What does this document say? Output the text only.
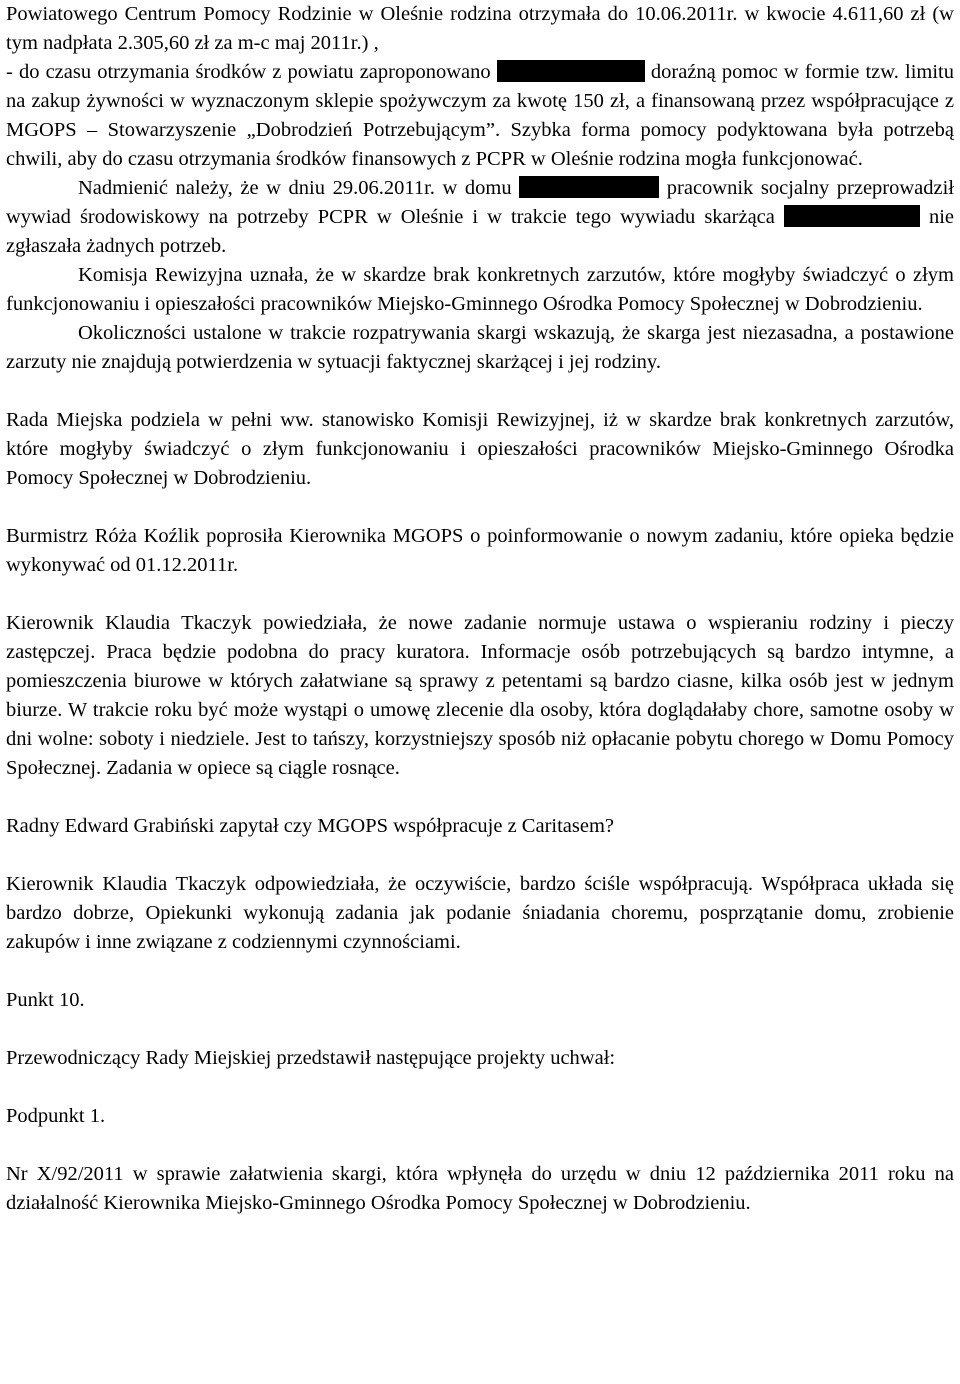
Powiatowego Centrum Pomocy Rodzinie w Oleśnie rodzina otrzymała do 10.06.2011r. w kwocie 4.611,60 zł (w tym nadpłata 2.305,60 zł za m-c maj 2011r.) ,

- do czasu otrzymania środków z powiatu zaproponowano	doraźną pomoc w formie tzw. limitu na zakup żywności w wyznaczonym sklepie spożywczym za kwotę 150 zł, a finansowaną przez współpracujące z MGOPS – Stowarzyszenie „Dobrodzień Potrzebującym”. Szybka forma pomocy podyktowana była potrzebą chwili, aby do czasu otrzymania środków finansowych z PCPR w Oleśnie rodzina mogła funkcjonować.

Nadmienić należy, że w dniu 29.06.2011r. w domu	pracownik socjalny przeprowadził wywiad środowiskowy na potrzeby PCPR w Oleśnie i w trakcie tego wywiadu skarżąca	nie zgłaszała żadnych potrzeb.

Komisja Rewizyjna uznała, że w skardze brak konkretnych zarzutów, które mogłyby świadczyć o złym funkcjonowaniu i opieszałości pracowników Miejsko-Gminnego Ośrodka Pomocy Społecznej w Dobrodzieniu.

Okoliczności ustalone w trakcie rozpatrywania skargi wskazują, że skarga jest niezasadna, a postawione zarzuty nie znajdują potwierdzenia w sytuacji faktycznej skarżącej i jej rodziny.

Rada Miejska podziela w pełni ww. stanowisko Komisji Rewizyjnej, iż w skardze brak konkretnych zarzutów, które mogłyby świadczyć o złym funkcjonowaniu i opieszałości pracowników Miejsko-Gminnego Ośrodka Pomocy Społecznej w Dobrodzieniu.

Burmistrz Róża Koźlik poprosiła Kierownika MGOPS o poinformowanie o nowym zadaniu, które opieka będzie wykonywać od 01.12.2011r.

Kierownik Klaudia Tkaczyk powiedziała, że nowe zadanie normuje ustawa o wspieraniu rodziny i pieczy zastępczej. Praca będzie podobna do pracy kuratora. Informacje osób potrzebujących są bardzo intymne, a pomieszczenia biurowe w których załatwiane są sprawy z petentami są bardzo ciasne, kilka osób jest w jednym biurze. W trakcie roku być może wystąpi o umowę zlecenie dla osoby, która doglądałaby chore, samotne osoby w dni wolne: soboty i niedziele. Jest to tańszy, korzystniejszy sposób niż opłacanie pobytu chorego w Domu Pomocy Społecznej. Zadania w opiece są ciągle rosnące.

Radny Edward Grabiński zapytał czy MGOPS współpracuje z Caritasem?

Kierownik Klaudia Tkaczyk odpowiedziała, że oczywiście, bardzo ściśle współpracują. Współpraca układa się bardzo dobrze, Opiekunki wykonują zadania jak podanie śniadania choremu, posprzątanie domu, zrobienie zakupów i inne związane z codziennymi czynnościami.

Punkt 10.

Przewodniczący Rady Miejskiej przedstawił następujące projekty uchwał:

Podpunkt 1.

Nr X/92/2011 w sprawie załatwienia skargi, która wpłynęła do urzędu w dniu 12 października 2011 roku na działalność Kierownika Miejsko-Gminnego Ośrodka Pomocy Społecznej w Dobrodzieniu.
